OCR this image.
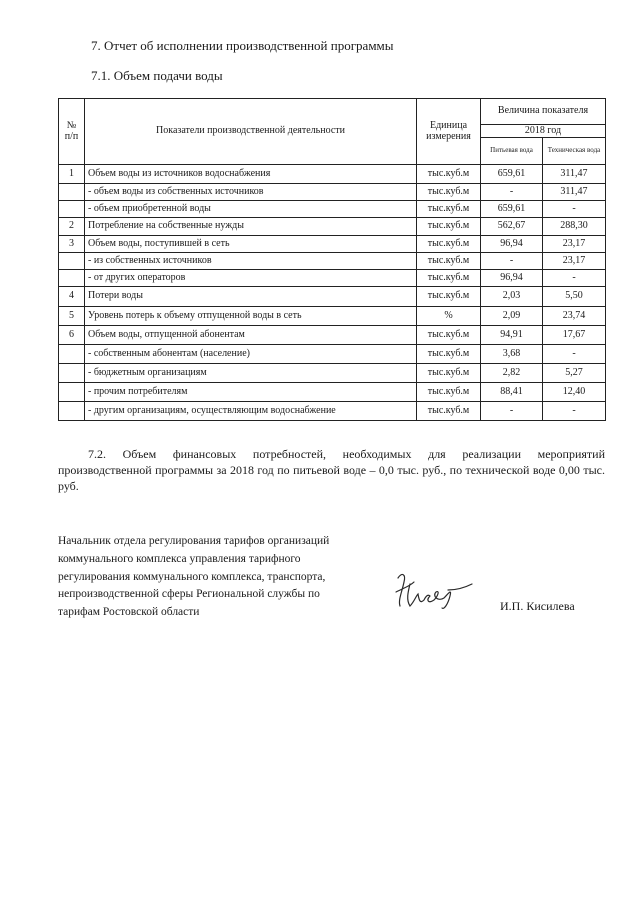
7. Отчет об исполнении производственной программы
7.1. Объем подачи воды
№ п/п	Показатели производственной деятельности	Единица измерения	Величина показателя	
			2018 год	
			Питьевая вода	Техническая вода
1	Объем воды из источников водоснабжения	тыс.куб.м	659,61	311,47
	- объем воды из собственных источников	тыс.куб.м	-	311,47
	- объем приобретенной воды	тыс.куб.м	659,61	-
2	Потребление на собственные нужды	тыс.куб.м	562,67	288,30
3	Объем воды, поступившей в сеть	тыс.куб.м	96,94	23,17
	- из собственных источников	тыс.куб.м	-	23,17
	- от других операторов	тыс.куб.м	96,94	-
4	Потери воды	тыс.куб.м	2,03	5,50
5	Уровень потерь к объему отпущенной воды в сеть	%	2,09	23,74
6	Объем воды, отпущенной абонентам	тыс.куб.м	94,91	17,67
	- собственным абонентам (население)	тыс.куб.м	3,68	-
	- бюджетным организациям	тыс.куб.м	2,82	5,27
	- прочим потребителям	тыс.куб.м	88,41	12,40
	- другим организациям, осуществляющим водоснабжение	тыс.куб.м	-	-
7.2. Объем финансовых потребностей, необходимых для реализации мероприятий производственной программы за 2018 год по питьевой воде – 0,0 тыс. руб., по технической воде 0,00 тыс. руб.
Начальник отдела регулирования тарифов организаций
коммунального комплекса управления тарифного
регулирования коммунального комплекса, транспорта,
непроизводственной сферы Региональной службы по
тарифам Ростовской области	И.П. Кисилева
